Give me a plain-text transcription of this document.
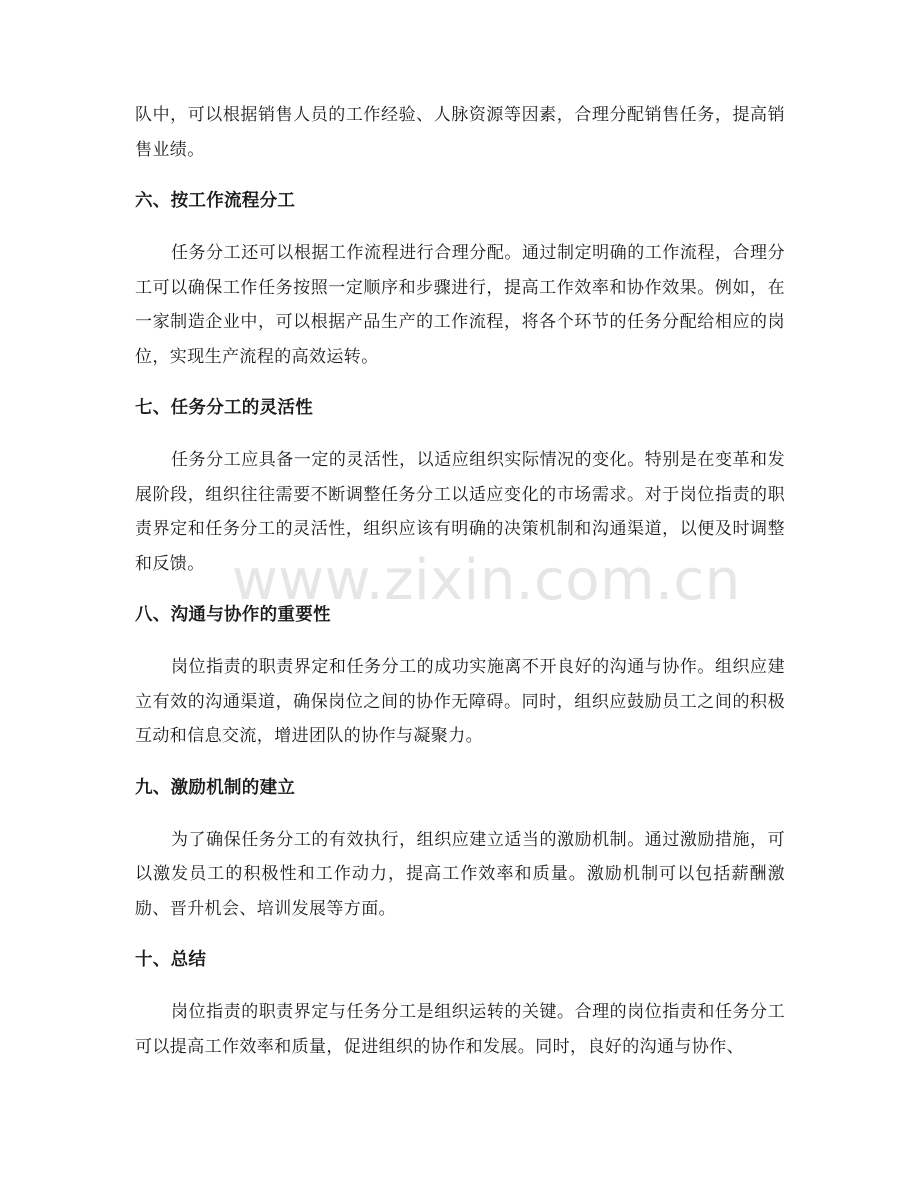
队中，可以根据销售人员的工作经验、人脉资源等因素，合理分配销售任务，提高销售业绩。

六、按工作流程分工

任务分工还可以根据工作流程进行合理分配。通过制定明确的工作流程，合理分工可以确保工作任务按照一定顺序和步骤进行，提高工作效率和协作效果。例如，在一家制造企业中，可以根据产品生产的工作流程，将各个环节的任务分配给相应的岗位，实现生产流程的高效运转。

七、任务分工的灵活性

任务分工应具备一定的灵活性，以适应组织实际情况的变化。特别是在变革和发展阶段，组织往往需要不断调整任务分工以适应变化的市场需求。对于岗位指责的职责界定和任务分工的灵活性，组织应该有明确的决策机制和沟通渠道，以便及时调整和反馈。

八、沟通与协作的重要性

岗位指责的职责界定和任务分工的成功实施离不开良好的沟通与协作。组织应建立有效的沟通渠道，确保岗位之间的协作无障碍。同时，组织应鼓励员工之间的积极互动和信息交流，增进团队的协作与凝聚力。

九、激励机制的建立

为了确保任务分工的有效执行，组织应建立适当的激励机制。通过激励措施，可以激发员工的积极性和工作动力，提高工作效率和质量。激励机制可以包括薪酬激励、晋升机会、培训发展等方面。

十、总结

岗位指责的职责界定与任务分工是组织运转的关键。合理的岗位指责和任务分工可以提高工作效率和质量，促进组织的协作和发展。同时，良好的沟通与协作、

www.zixin.com.cn
